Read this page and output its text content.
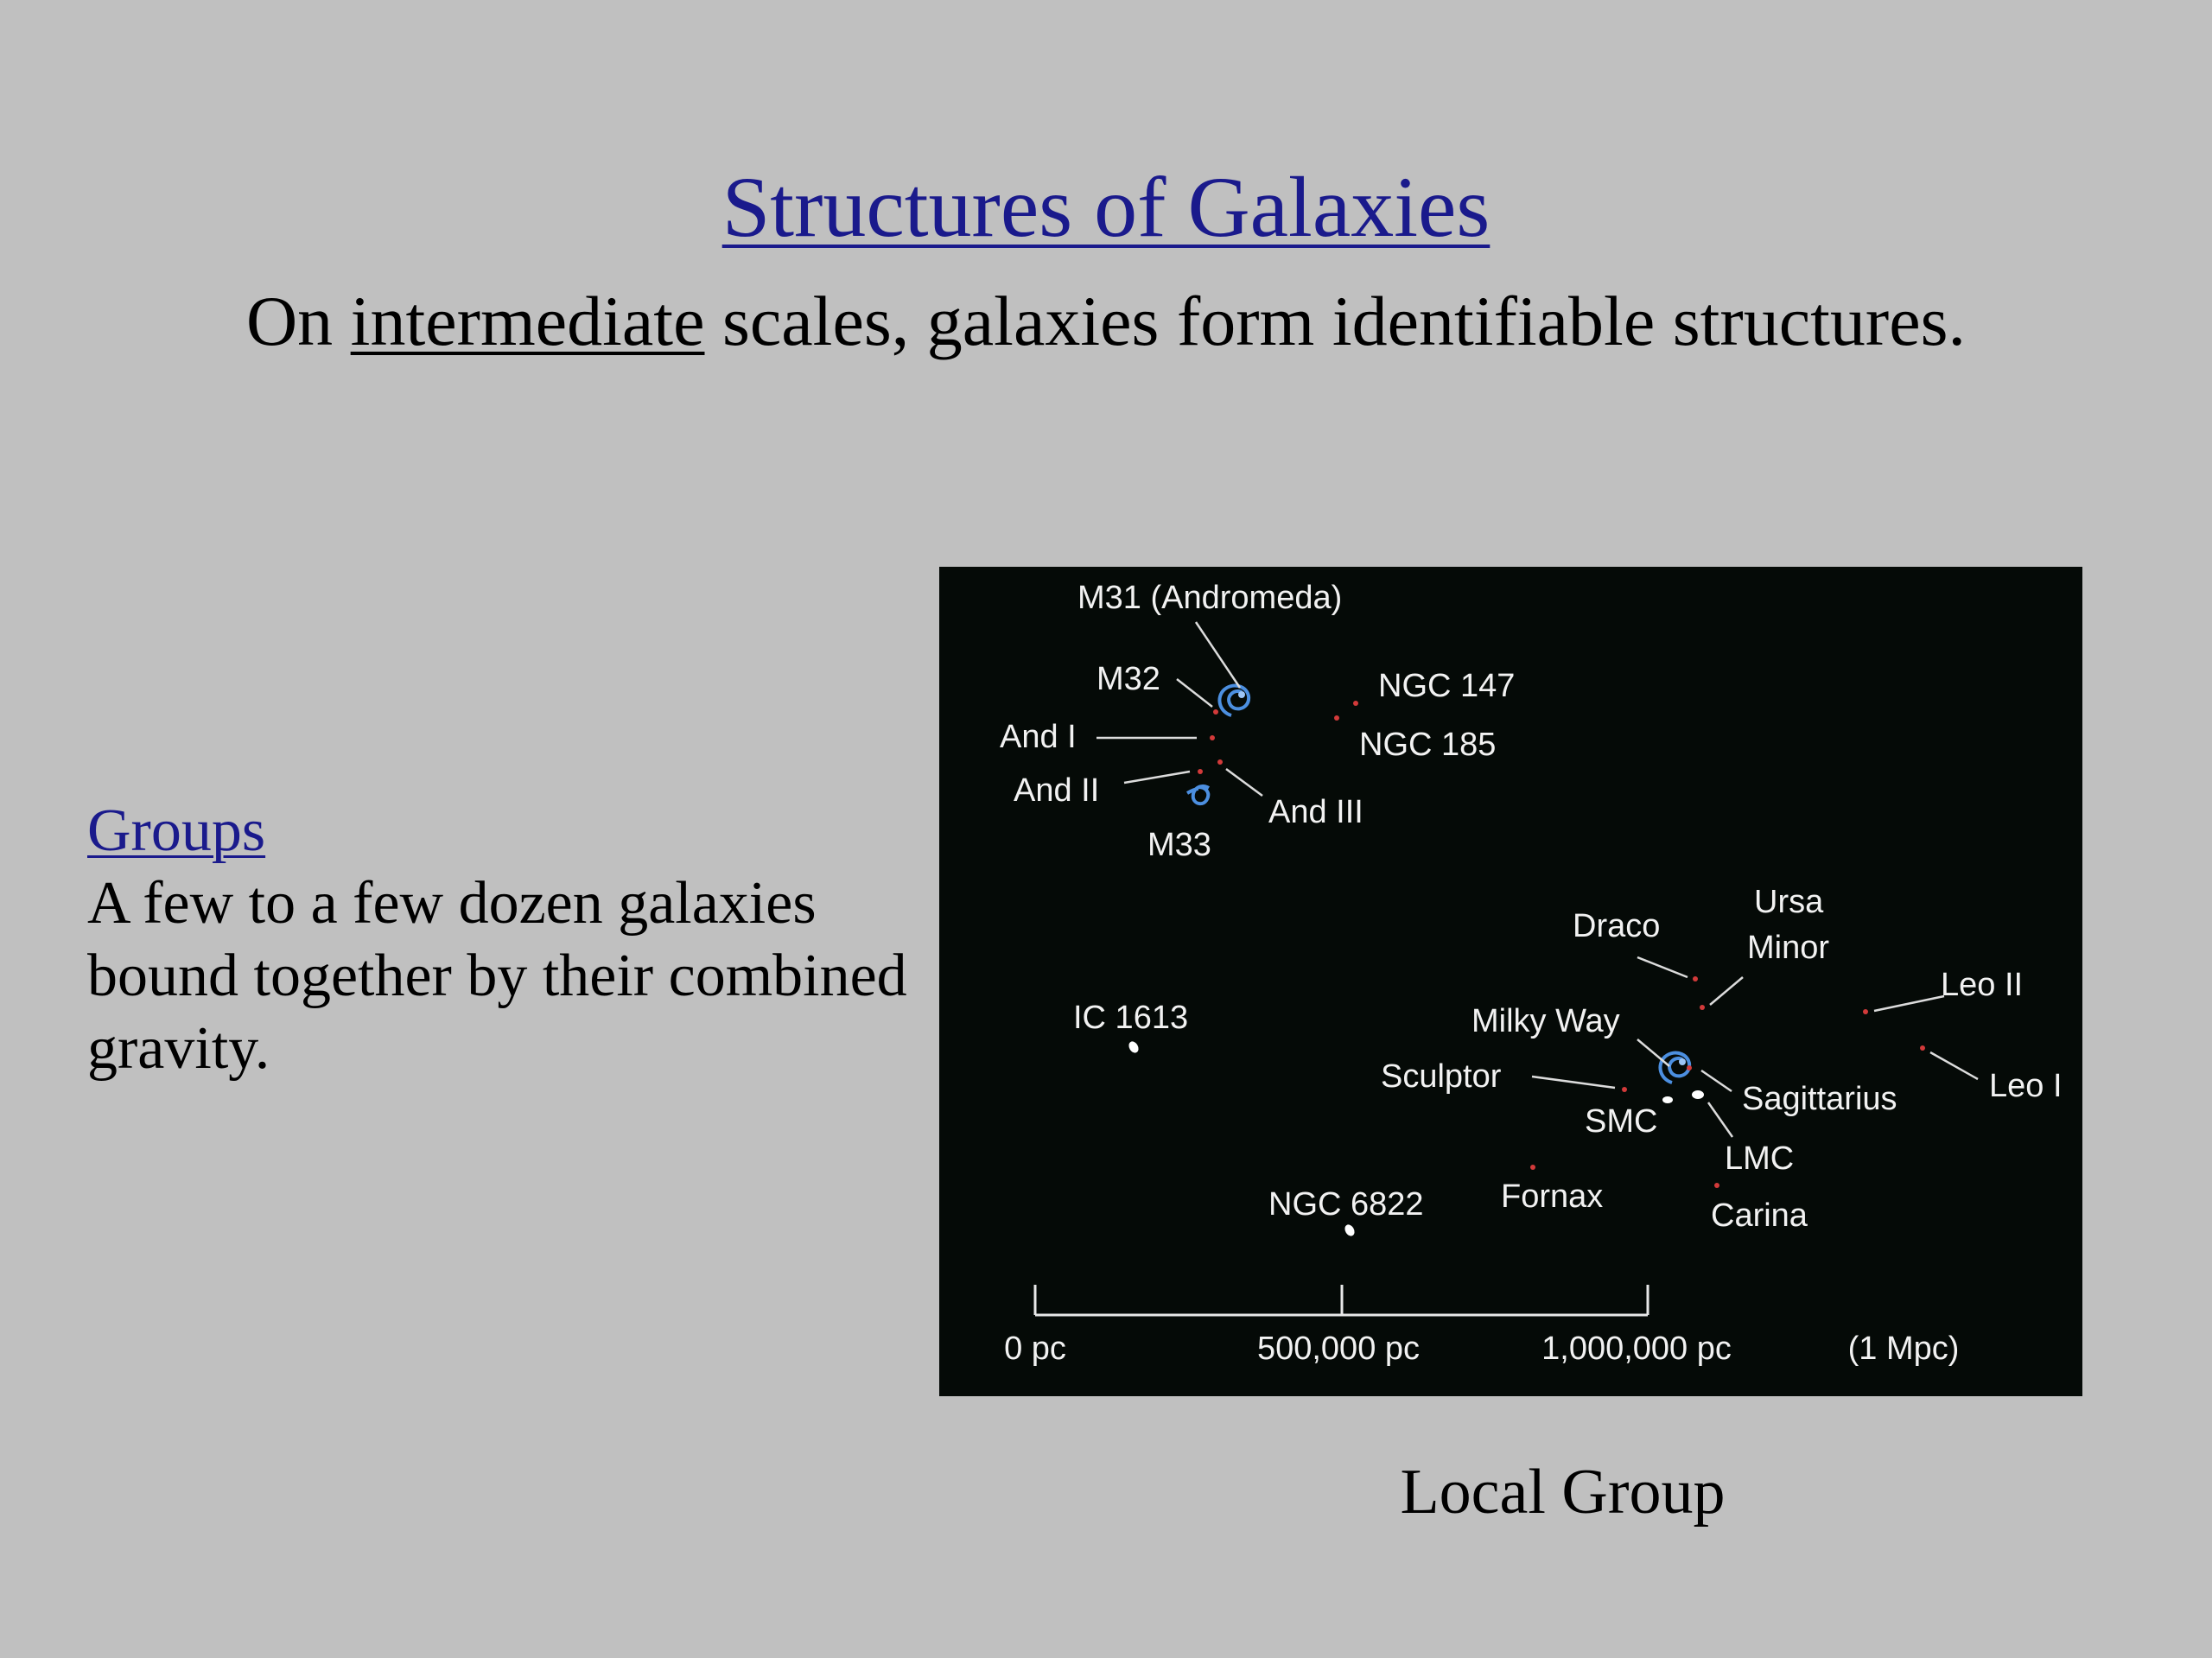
Structures of Galaxies

On intermediate scales, galaxies form identifiable structures.

Groups
A few to a few dozen galaxies bound together by their combined gravity.
M31 (Andromeda)
M32
And I
And II
And III
M33
NGC 147
NGC 185
IC 1613
Draco
Ursa
Minor
Leo II
Leo I
Milky Way
Sculptor
Sagittarius
SMC
LMC
Fornax
Carina
NGC 6822
0 pc	500,000 pc	1,000,000 pc	(1 Mpc)
Local Group
